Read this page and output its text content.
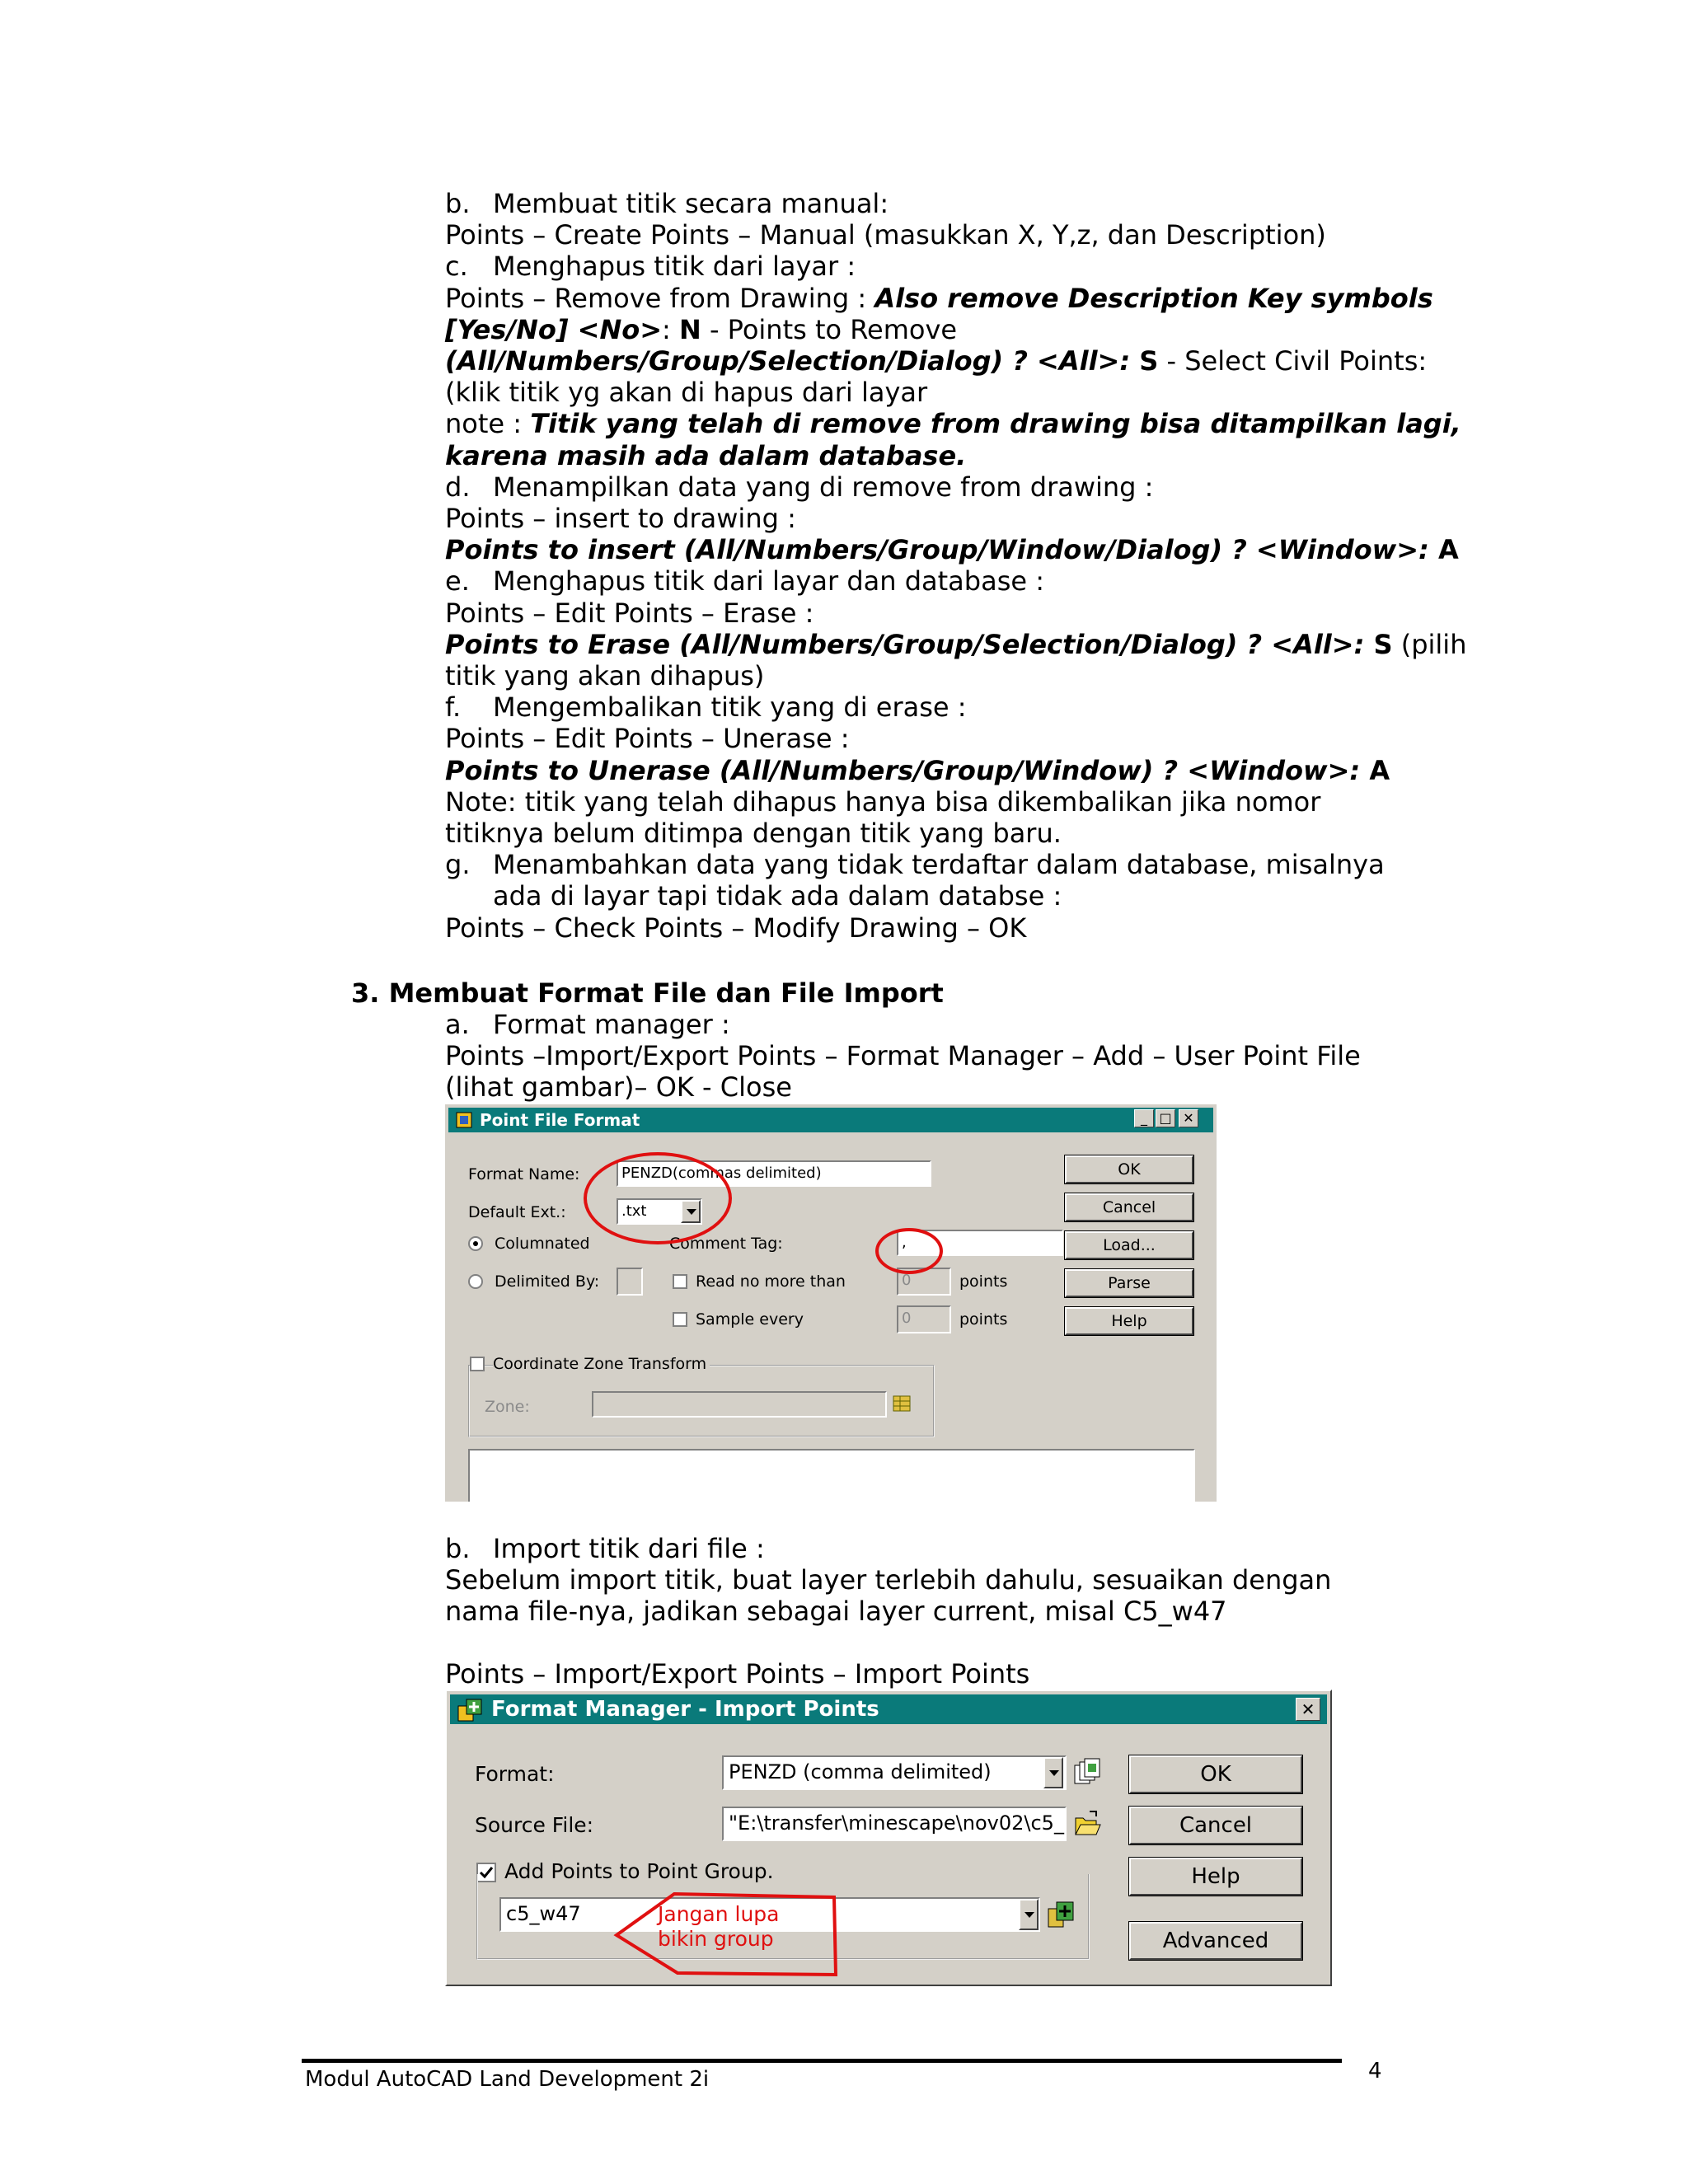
b. Membuat titik secara manual:
Points – Create Points – Manual (masukkan X, Y,z, dan Description)
c. Menghapus titik dari layar :
Points – Remove from Drawing : Also remove Description Key symbols
[Yes/No] <No>: N - Points to Remove
(All/Numbers/Group/Selection/Dialog) ? <All>: S - Select Civil Points:
(klik titik yg akan di hapus dari layar
note : Titik yang telah di remove from drawing bisa ditampilkan lagi,
karena masih ada dalam database.
d. Menampilkan data yang di remove from drawing :
Points – insert to drawing :
Points to insert (All/Numbers/Group/Window/Dialog) ? <Window>: A
e. Menghapus titik dari layar dan database :
Points – Edit Points – Erase :
Points to Erase (All/Numbers/Group/Selection/Dialog) ? <All>: S (pilih
titik yang akan dihapus)
f. Mengembalikan titik yang di erase :
Points – Edit Points – Unerase :
Points to Unerase (All/Numbers/Group/Window) ? <Window>: A
Note: titik yang telah dihapus hanya bisa dikembalikan jika nomor
titiknya belum ditimpa dengan titik yang baru.
g. Menambahkan data yang tidak terdaftar dalam database, misalnya
ada di layar tapi tidak ada dalam databse :
Points – Check Points – Modify Drawing – OK
3. Membuat Format File dan File Import
a. Format manager :
Points –Import/Export Points – Format Manager – Add – User Point File
(lihat gambar)– OK - Close
Point File Format	_ □ ✕
Format Name:	PENZD(commas delimited)
Default Ext.:	.txt
Columnated
Delimited By:
Comment Tag:	,
Read no more than	0	points
Sample every	0	points
OK
Cancel
Load...
Parse
Help
Coordinate Zone Transform
Zone:
b. Import titik dari file :
Sebelum import titik, buat layer terlebih dahulu, sesuaikan dengan
nama file-nya, jadikan sebagai layer current, misal C5_w47
Points – Import/Export Points – Import Points
Format Manager - Import Points	✕
Format:	PENZD (comma delimited)
Source File:	"E:\transfer\minescape\nov02\c5_
Add Points to Point Group.
c5_w47
OK
Cancel
Help
Advanced
Jangan lupa
bikin group
Modul AutoCAD Land Development 2i	4
